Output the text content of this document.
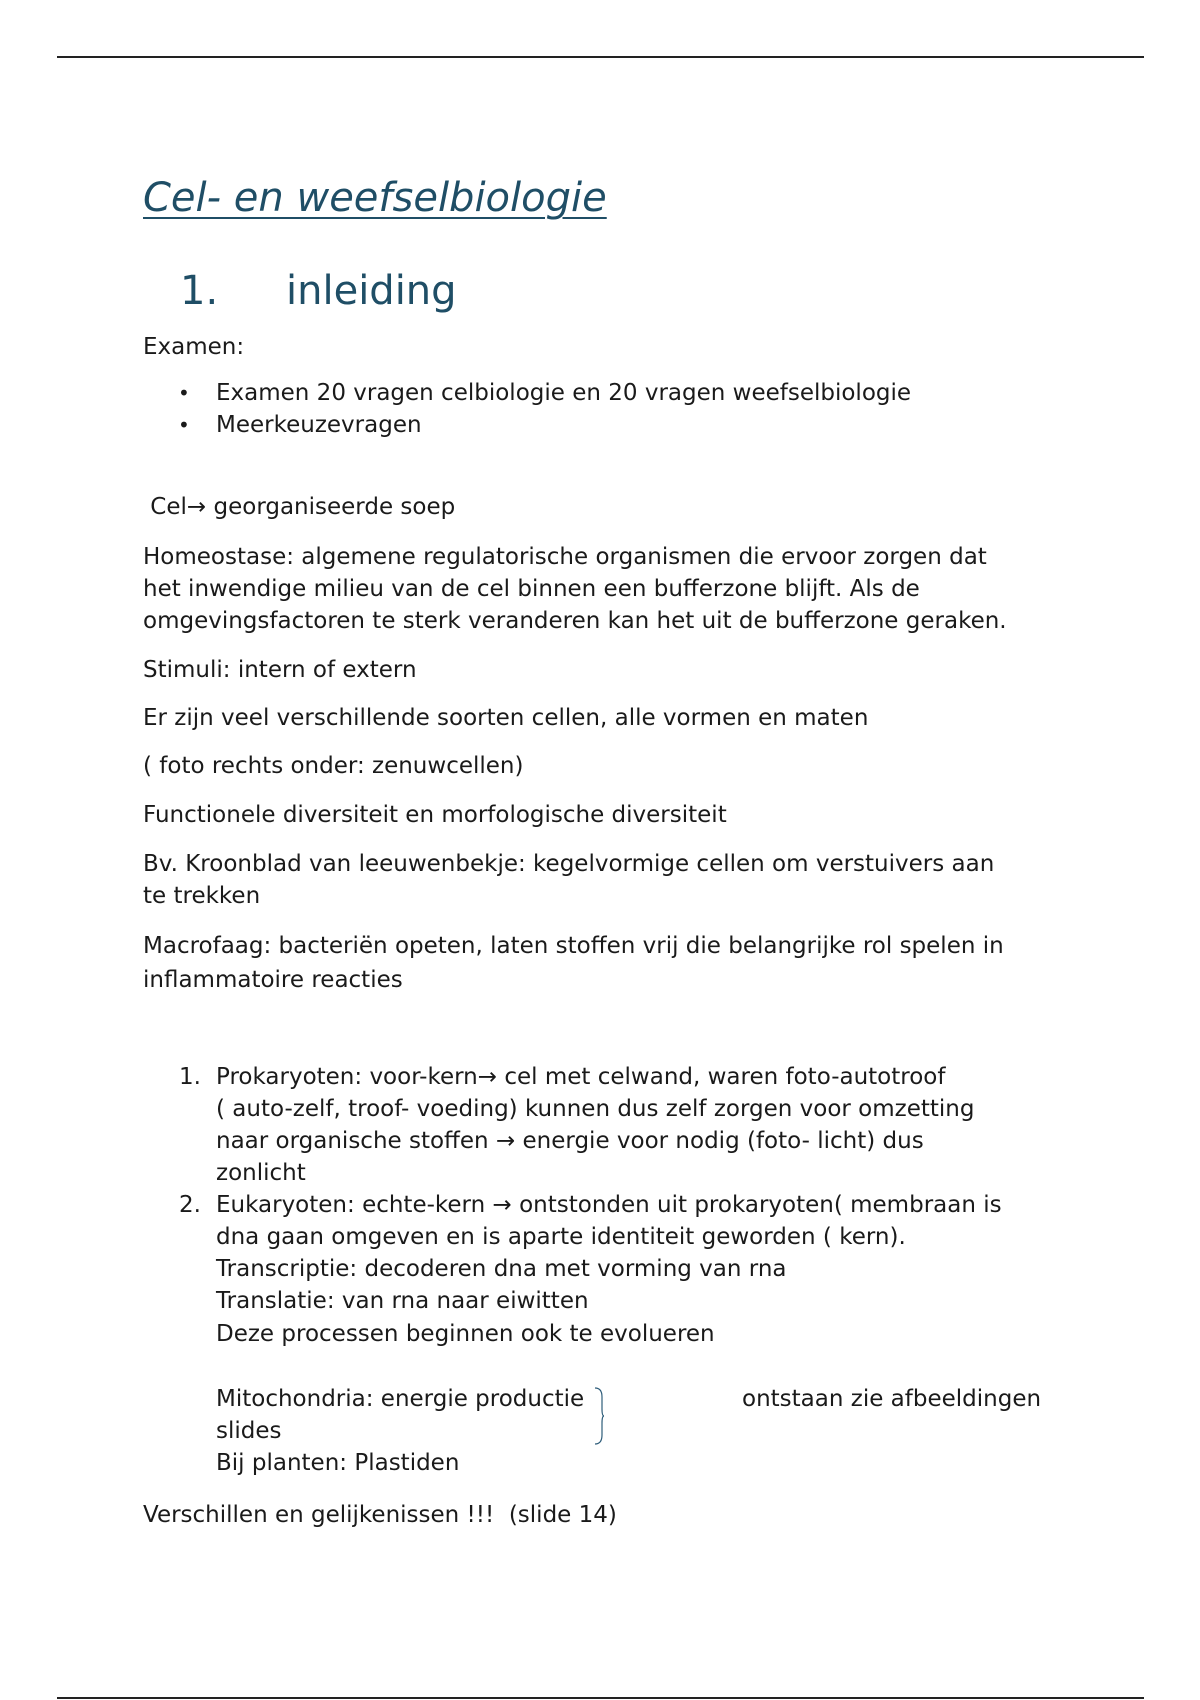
Cel- en weefselbiologie
1. inleiding

Examen:

• Examen 20 vragen celbiologie en 20 vragen weefselbiologie
• Meerkeuzevragen

Cel→ georganiseerde soep

Homeostase: algemene regulatorische organismen die ervoor zorgen dat
het inwendige milieu van de cel binnen een bufferzone blijft. Als de
omgevingsfactoren te sterk veranderen kan het uit de bufferzone geraken.

Stimuli: intern of extern

Er zijn veel verschillende soorten cellen, alle vormen en maten

( foto rechts onder: zenuwcellen)

Functionele diversiteit en morfologische diversiteit

Bv. Kroonblad van leeuwenbekje: kegelvormige cellen om verstuivers aan
te trekken
Macrofaag: bacteriën opeten, laten stoffen vrij die belangrijke rol spelen in
inflammatoire reacties
1. Prokaryoten: voor-kern→ cel met celwand, waren foto-autotroof
( auto-zelf, troof- voeding) kunnen dus zelf zorgen voor omzetting
naar organische stoffen → energie voor nodig (foto- licht) dus
zonlicht
2. Eukaryoten: echte-kern → ontstonden uit prokaryoten( membraan is
dna gaan omgeven en is aparte identiteit geworden ( kern).
Transcriptie: decoderen dna met vorming van rna
Translatie: van rna naar eiwitten
Deze processen beginnen ook te evolueren
Mitochondria: energie productie	ontstaan zie afbeeldingen
slides
Bij planten: Plastiden

Verschillen en gelijkenissen !!!  (slide 14)
